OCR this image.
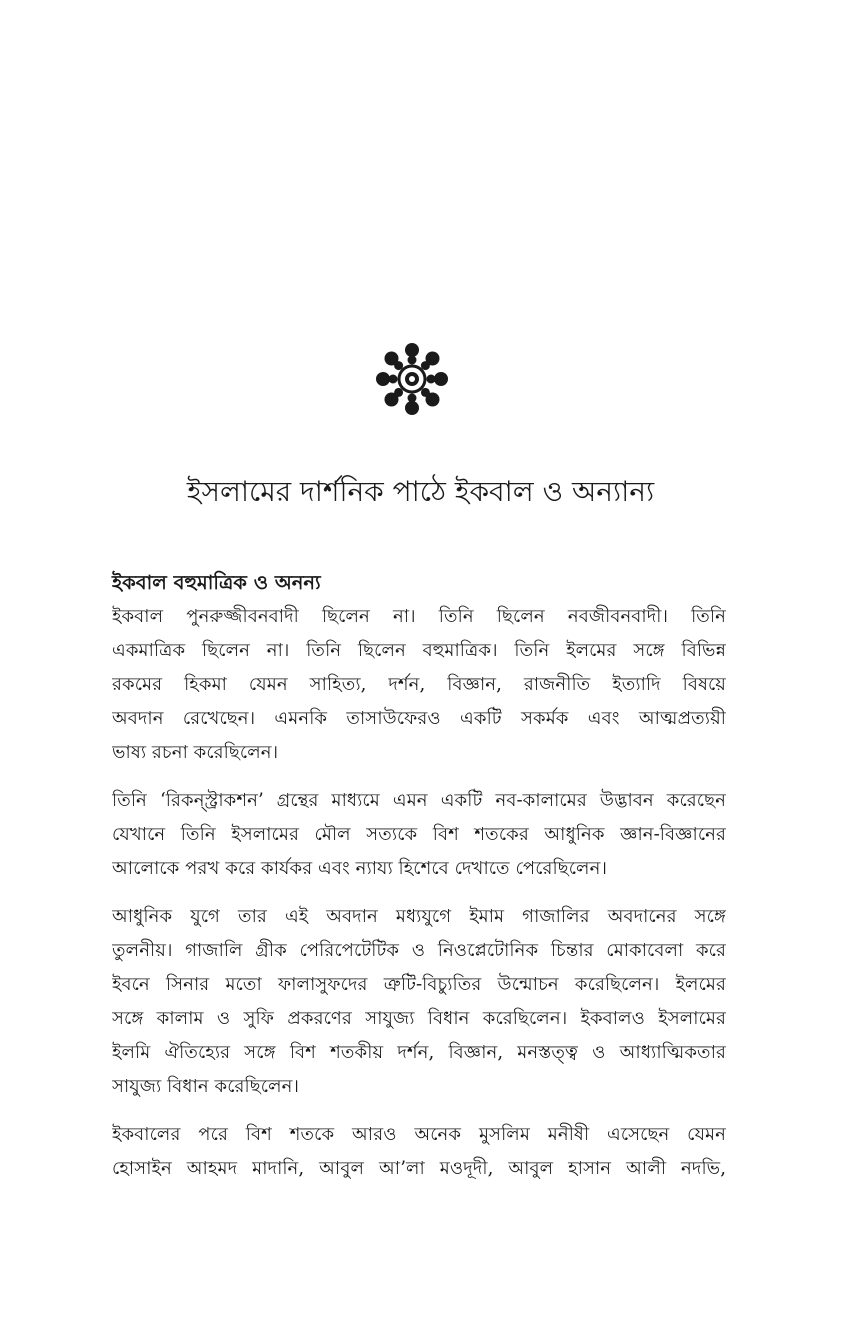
ইসলামের দার্শনিক পাঠে ইকবাল ও অন্যান্য
ইকবাল বহুমাত্রিক ও অনন্য
ইকবাল পুনরুজ্জীবনবাদী ছিলেন না। তিনি ছিলেন নবজীবনবাদী। তিনি
একমাত্রিক ছিলেন না। তিনি ছিলেন বহুমাত্রিক। তিনি ইলমের সঙ্গে বিভিন্ন
রকমের হিকমা যেমন সাহিত্য, দর্শন, বিজ্ঞান, রাজনীতি ইত্যাদি বিষয়ে
অবদান রেখেছেন। এমনকি তাসাউফেরও একটি সকর্মক এবং আত্মপ্রত্যয়ী
ভাষ্য রচনা করেছিলেন।
তিনি ‘রিকন্স্ট্রাকশন’ গ্রন্থের মাধ্যমে এমন একটি নব-কালামের উদ্ভাবন করেছেন
যেখানে তিনি ইসলামের মৌল সত্যকে বিশ শতকের আধুনিক জ্ঞান-বিজ্ঞানের
আলোকে পরখ করে কার্যকর এবং ন্যায্য হিশেবে দেখাতে পেরেছিলেন।
আধুনিক যুগে তার এই অবদান মধ্যযুগে ইমাম গাজালির অবদানের সঙ্গে
তুলনীয়। গাজালি গ্রীক পেরিপেটেটিক ও নিওপ্লেটোনিক চিন্তার মোকাবেলা করে
ইবনে সিনার মতো ফালাসুফদের ত্রুটি-বিচ্যুতির উন্মোচন করেছিলেন। ইলমের
সঙ্গে কালাম ও সুফি প্রকরণের সাযুজ্য বিধান করেছিলেন। ইকবালও ইসলামের
ইলমি ঐতিহ্যের সঙ্গে বিশ শতকীয় দর্শন, বিজ্ঞান, মনস্তত্ত্ব ও আধ্যাত্মিকতার
সাযুজ্য বিধান করেছিলেন।
ইকবালের পরে বিশ শতকে আরও অনেক মুসলিম মনীষী এসেছেন যেমন
হোসাইন আহমদ মাদানি, আবুল আ’লা মওদূদী, আবুল হাসান আলী নদভি,
